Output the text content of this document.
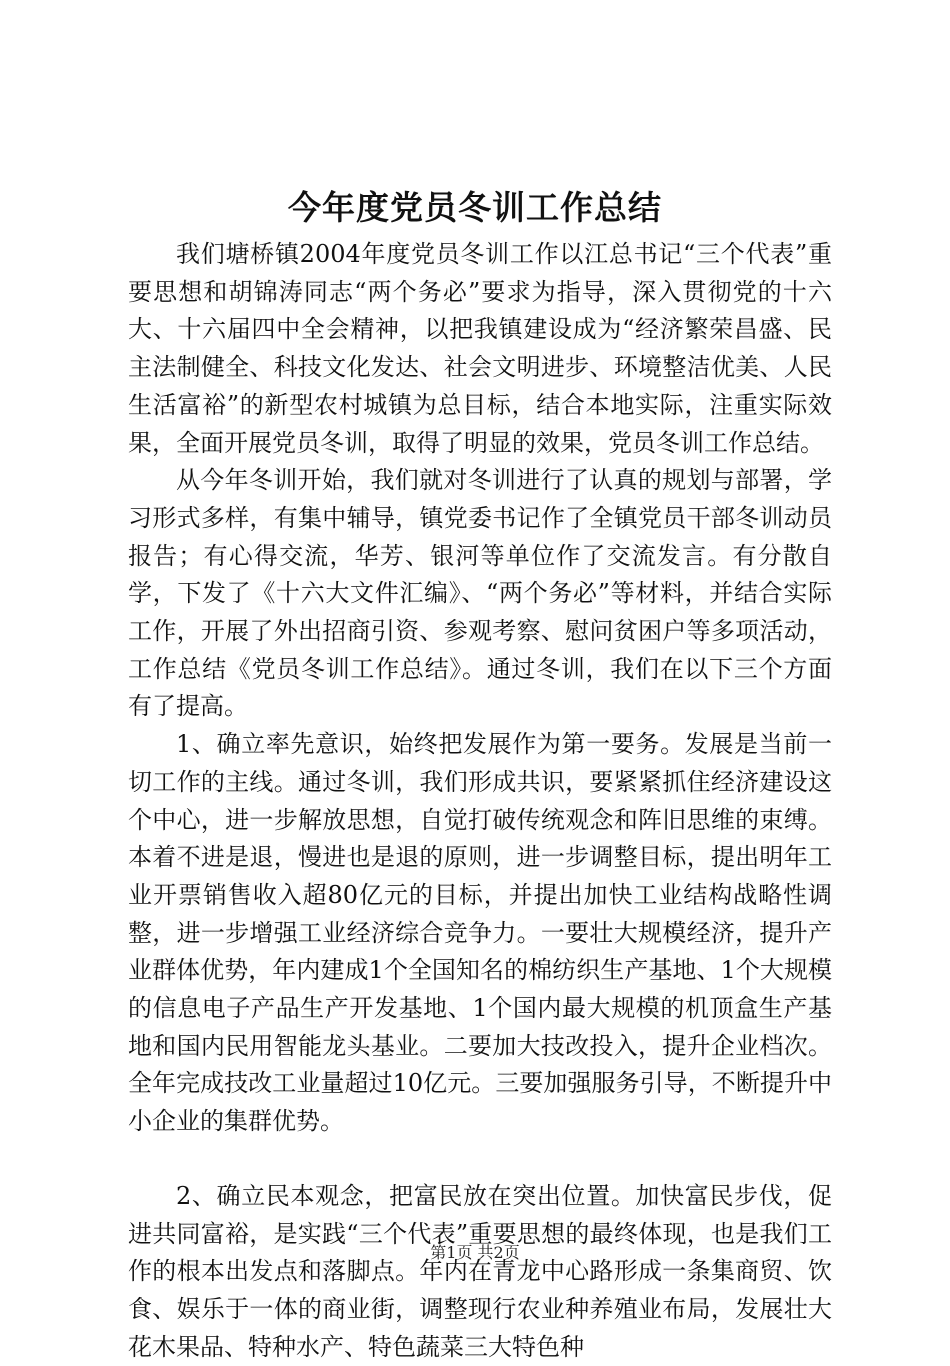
今年度党员冬训工作总结

我们塘桥镇2004年度党员冬训工作以江总书记“三个代表”重要思想和胡锦涛同志“两个务必”要求为指导，深入贯彻党的十六大、十六届四中全会精神，以把我镇建设成为“经济繁荣昌盛、民主法制健全、科技文化发达、社会文明进步、环境整洁优美、人民生活富裕”的新型农村城镇为总目标，结合本地实际，注重实际效果，全面开展党员冬训，取得了明显的效果，党员冬训工作总结。

从今年冬训开始，我们就对冬训进行了认真的规划与部署，学习形式多样，有集中辅导，镇党委书记作了全镇党员干部冬训动员报告；有心得交流，华芳、银河等单位作了交流发言。有分散自学，下发了《十六大文件汇编》、“两个务必”等材料，并结合实际工作，开展了外出招商引资、参观考察、慰问贫困户等多项活动，工作总结《党员冬训工作总结》。通过冬训，我们在以下三个方面有了提高。

1、确立率先意识，始终把发展作为第一要务。发展是当前一切工作的主线。通过冬训，我们形成共识，要紧紧抓住经济建设这个中心，进一步解放思想，自觉打破传统观念和阵旧思维的束缚。本着不进是退，慢进也是退的原则，进一步调整目标，提出明年工业开票销售收入超80亿元的目标，并提出加快工业结构战略性调整，进一步增强工业经济综合竞争力。一要壮大规模经济，提升产业群体优势，年内建成1个全国知名的棉纺织生产基地、1个大规模的信息电子产品生产开发基地、1个国内最大规模的机顶盒生产基地和国内民用智能龙头基业。二要加大技改投入，提升企业档次。全年完成技改工业量超过10亿元。三要加强服务引导，不断提升中小企业的集群优势。

2、确立民本观念，把富民放在突出位置。加快富民步伐，促进共同富裕，是实践“三个代表”重要思想的最终体现，也是我们工作的根本出发点和落脚点。年内在青龙中心路形成一条集商贸、饮食、娱乐于一体的商业街，调整现行农业种养殖业布局，发展壮大花木果品、特种水产、特色蔬菜三大特色种

第1页 共2页
